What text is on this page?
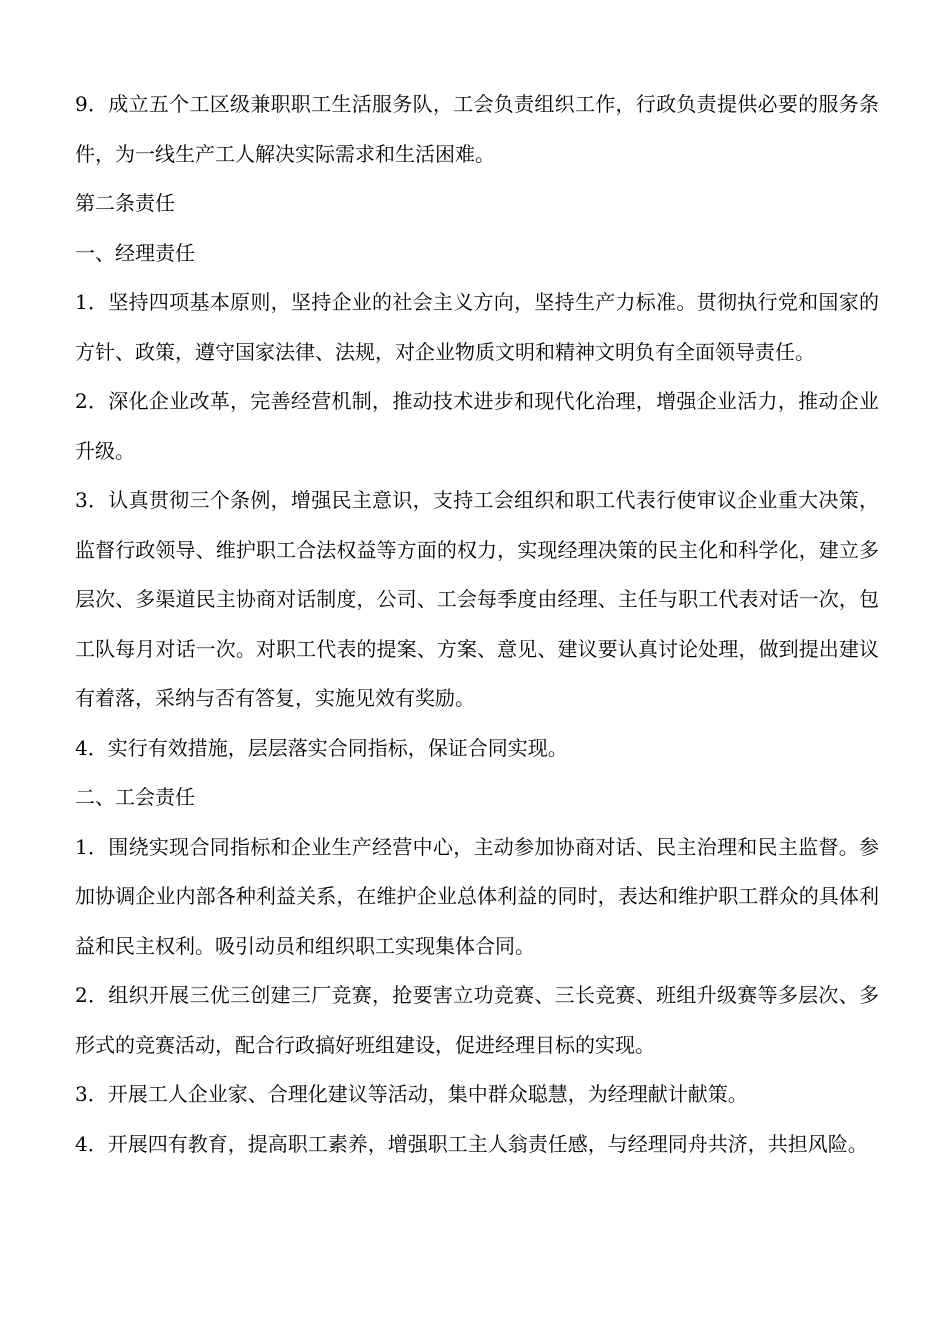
9．成立五个工区级兼职职工生活服务队，工会负责组织工作，行政负责提供必要的服务条件，为一线生产工人解决实际需求和生活困难。

第二条责任

一、经理责任

1．坚持四项基本原则，坚持企业的社会主义方向，坚持生产力标准。贯彻执行党和国家的方针、政策，遵守国家法律、法规，对企业物质文明和精神文明负有全面领导责任。

2．深化企业改革，完善经营机制，推动技术进步和现代化治理，增强企业活力，推动企业升级。

3．认真贯彻三个条例，增强民主意识，支持工会组织和职工代表行使审议企业重大决策，监督行政领导、维护职工合法权益等方面的权力，实现经理决策的民主化和科学化，建立多层次、多渠道民主协商对话制度，公司、工会每季度由经理、主任与职工代表对话一次，包工队每月对话一次。对职工代表的提案、方案、意见、建议要认真讨论处理，做到提出建议有着落，采纳与否有答复，实施见效有奖励。

4．实行有效措施，层层落实合同指标，保证合同实现。

二、工会责任

1．围绕实现合同指标和企业生产经营中心，主动参加协商对话、民主治理和民主监督。参加协调企业内部各种利益关系，在维护企业总体利益的同时，表达和维护职工群众的具体利益和民主权利。吸引动员和组织职工实现集体合同。

2．组织开展三优三创建三厂竞赛，抢要害立功竞赛、三长竞赛、班组升级赛等多层次、多形式的竞赛活动，配合行政搞好班组建设，促进经理目标的实现。

3．开展工人企业家、合理化建议等活动，集中群众聪慧，为经理献计献策。

4．开展四有教育，提高职工素养，增强职工主人翁责任感，与经理同舟共济，共担风险。
